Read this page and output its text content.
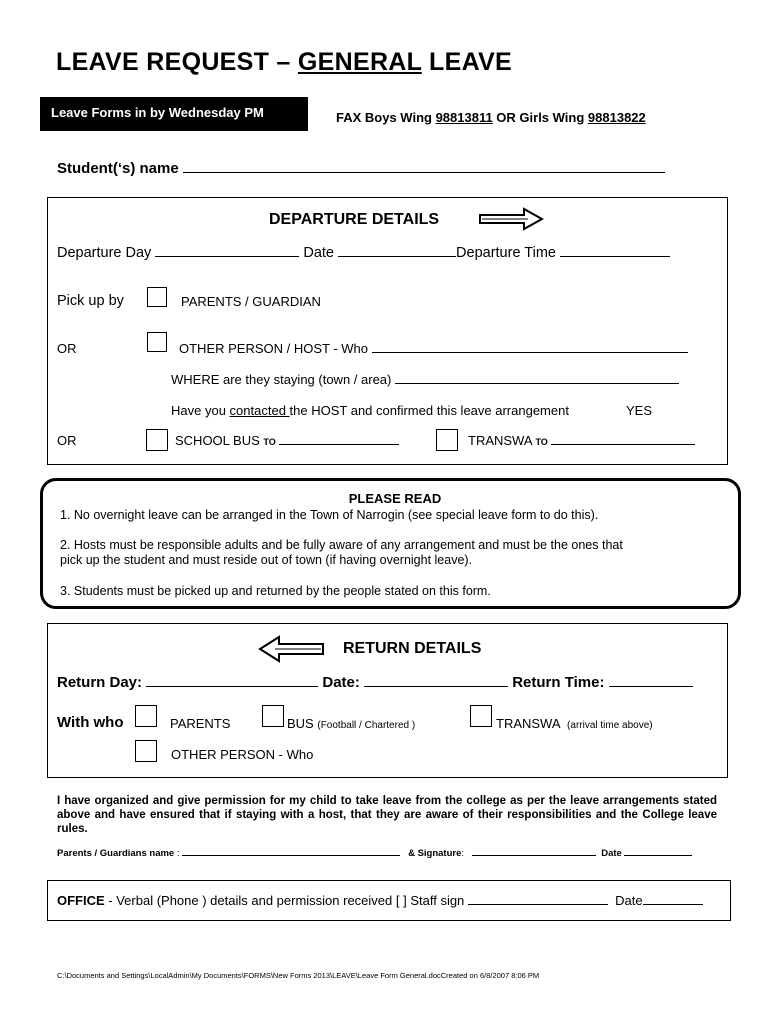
LEAVE REQUEST – GENERAL LEAVE
Leave Forms in by Wednesday PM	FAX Boys Wing 98813811 OR Girls Wing 98813822
Student(‘s) name
DEPARTURE DETAILS
Departure Day	Date	Departure Time
Pick up by	PARENTS / GUARDIAN
OR	OTHER PERSON / HOST - Who
WHERE are they staying (town / area)
Have you contacted the HOST and confirmed this leave arrangement	YES
OR	SCHOOL BUS TO	TRANSWA TO
PLEASE READ
1. No overnight leave can be arranged in the Town of Narrogin (see special leave form to do this).
2. Hosts must be responsible adults and be fully aware of any arrangement and must be the ones that
pick up the student and must reside out of town (if having overnight leave).
3. Students must be picked up and returned by the people stated on this form.
RETURN DETAILS
Return Day:	Date:	Return Time:
With who	PARENTS	BUS (Football / Chartered )	TRANSWA (arrival time above)
OTHER PERSON - Who
I have organized and give permission for my child to take leave from the college as per the leave arrangements stated above and have ensured that if staying with a host, that they are aware of their responsibilities and the College leave rules.
Parents / Guardians name :	& Signature:	Date
OFFICE - Verbal (Phone ) details and permission received [ ] Staff sign	Date
C:\Documents and Settings\LocalAdmin\My Documents\FORMS\New Forms 2013\LEAVE\Leave Form General.docCreated on 6/8/2007 8:06 PM
